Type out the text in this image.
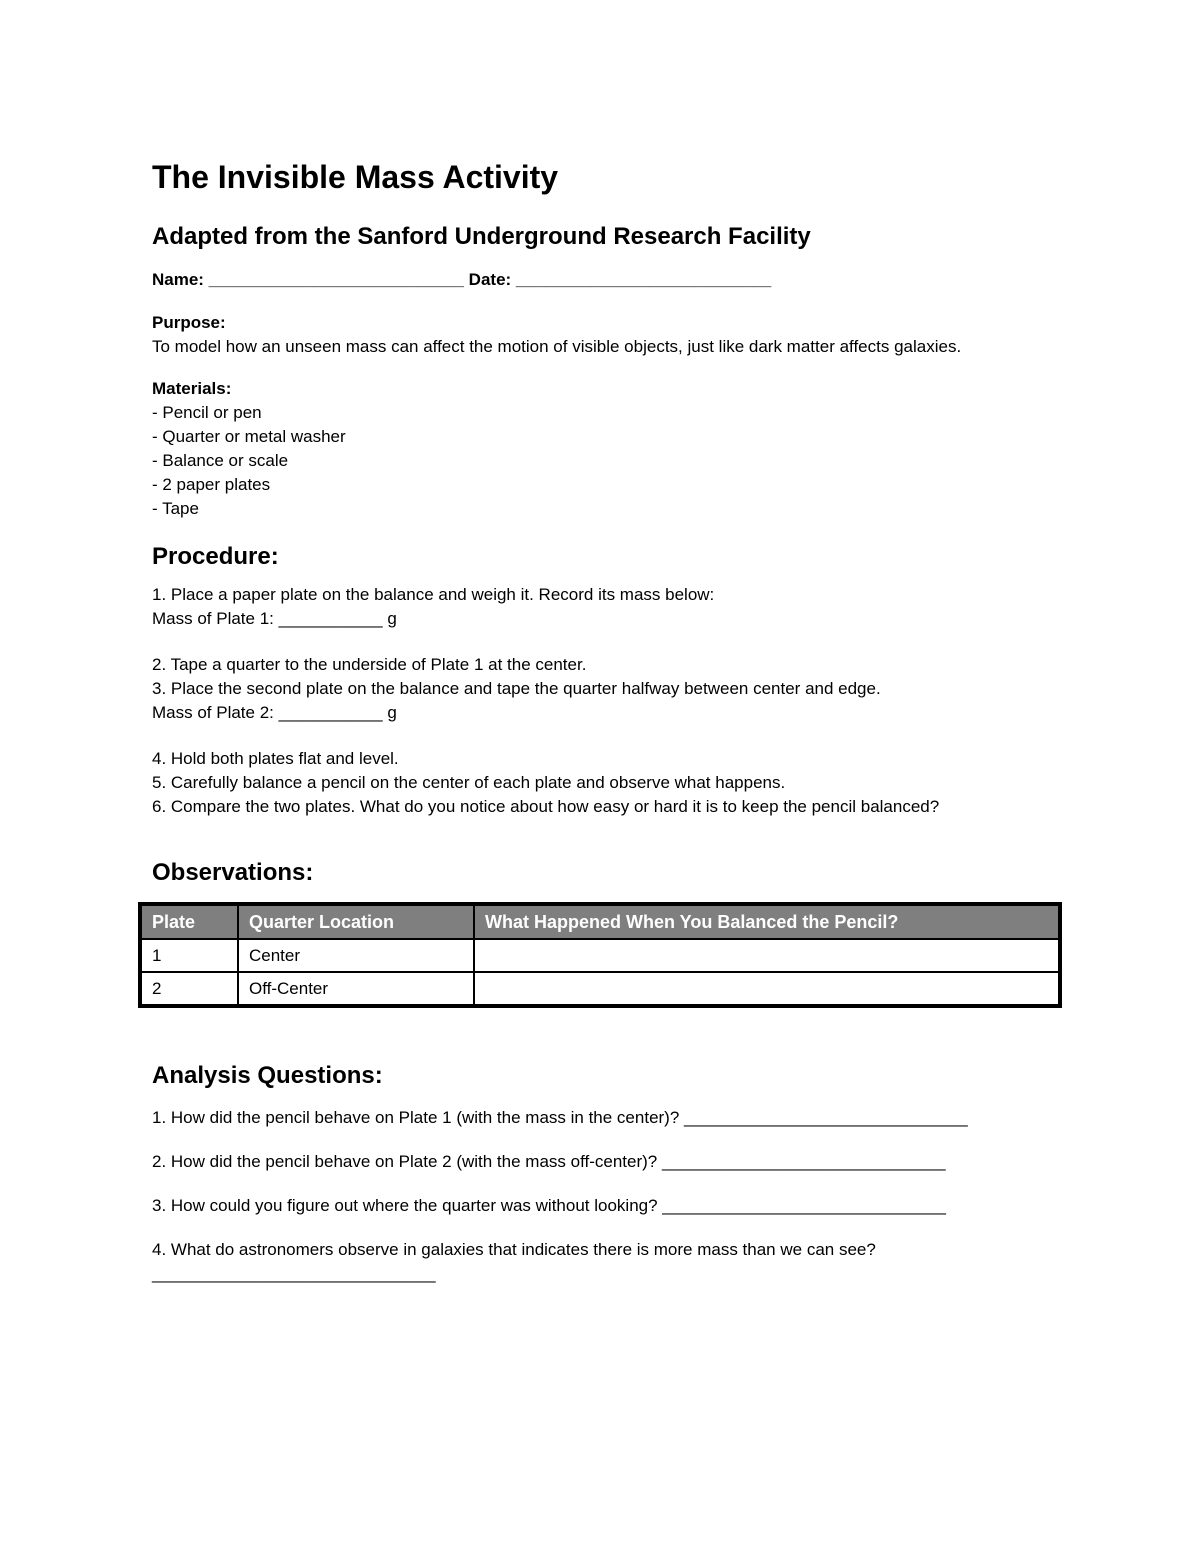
The Invisible Mass Activity
Adapted from the Sanford Underground Research Facility
Name: ___________________________ Date: ___________________________
Purpose:
To model how an unseen mass can affect the motion of visible objects, just like dark matter affects galaxies.
Materials:
- Pencil or pen
- Quarter or metal washer
- Balance or scale
- 2 paper plates
- Tape
Procedure:
1. Place a paper plate on the balance and weigh it. Record its mass below:
Mass of Plate 1: ___________ g
2. Tape a quarter to the underside of Plate 1 at the center.
3. Place the second plate on the balance and tape the quarter halfway between center and edge.
Mass of Plate 2: ___________ g
4. Hold both plates flat and level.
5. Carefully balance a pencil on the center of each plate and observe what happens.
6. Compare the two plates. What do you notice about how easy or hard it is to keep the pencil balanced?
Observations:
Plate	Quarter Location	What Happened When You Balanced the Pencil?
1	Center	
2	Off-Center	
Analysis Questions:
1. How did the pencil behave on Plate 1 (with the mass in the center)? ______________________________
2. How did the pencil behave on Plate 2 (with the mass off-center)? ______________________________
3. How could you figure out where the quarter was without looking? ______________________________
4. What do astronomers observe in galaxies that indicates there is more mass than we can see? ______________________________
